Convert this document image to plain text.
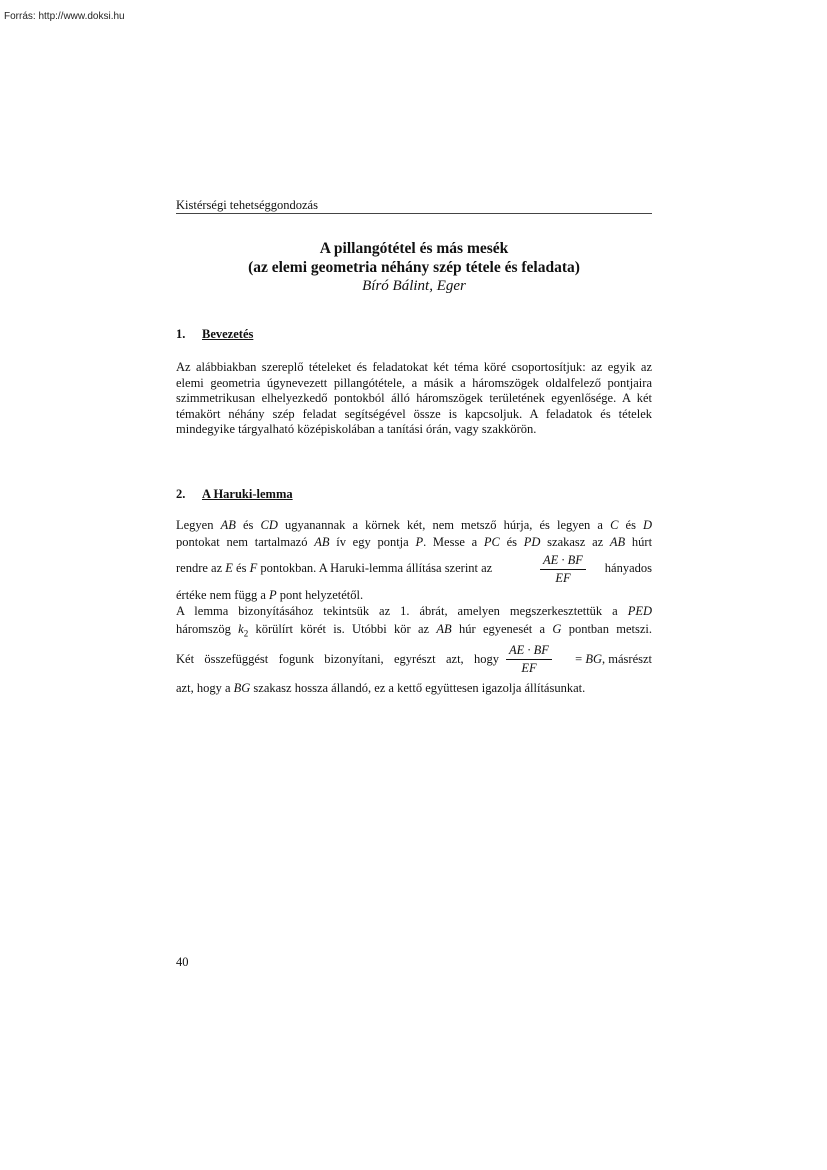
Forrás: http://www.doksi.hu
Kistérségi tehetséggondozás
A pillangótétel és más mesék
(az elemi geometria néhány szép tétele és feladata)
Bíró Bálint, Eger
1. Bevezetés
Az alábbiakban szereplő tételeket és feladatokat két téma köré csoportosítjuk: az egyik az elemi geometria úgynevezett pillangótétele, a másik a háromszögek oldalfelező pontjaira szimmetrikusan elhelyezkedő pontokból álló háromszögek területének egyenlősége. A két témakört néhány szép feladat segítségével össze is kapcsoljuk. A feladatok és tételek mindegyike tárgyalható középiskolában a tanítási órán, vagy szakkörön.
2. A Haruki-lemma
Legyen AB és CD ugyanannak a körnek két, nem metsző húrja, és legyen a C és D
pontokat nem tartalmazó AB ív egy pontja P. Messe a PC és PD szakasz az AB húrt
$\frac{AE \cdot BF}{EF}$
rendre az E és F pontokban. A Haruki-lemma állítása szerint az	hányados
értéke nem függ a P pont helyzetétől.
A lemma bizonyításához tekintsük az 1. ábrát, amelyen megszerkesztettük a PED
háromszög $k_2$ körülírt körét is. Utóbbi kör az AB húr egyenesét a G pontban metszi.
$\frac{AE \cdot BF}{EF}$
Két összefüggést fogunk bizonyítani, egyrészt azt, hogy	= BG, másrészt
azt, hogy a BG szakasz hossza állandó, ez a kettő együttesen igazolja állításunkat.
40
